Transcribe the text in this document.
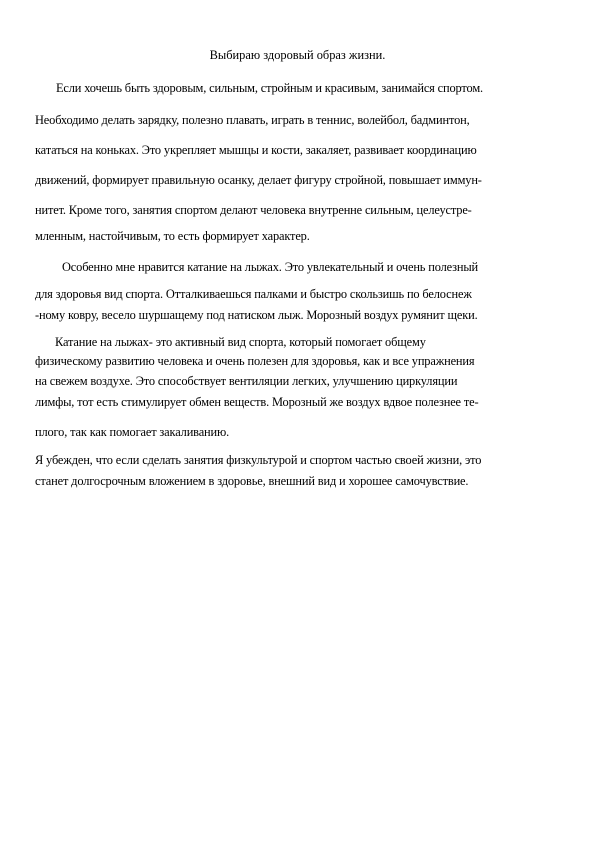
Выбираю здоровый образ жизни.
Если хочешь быть здоровым, сильным, стройным и красивым, занимайся спортом.
Необходимо делать зарядку, полезно плавать, играть в теннис, волейбол, бадминтон,
кататься на коньках. Это укрепляет мышцы и кости, закаляет, развивает координацию
движений, формирует правильную осанку, делает фигуру стройной, повышает иммун-
нитет. Кроме того, занятия спортом делают человека внутренне сильным, целеустре-
мленным, настойчивым, то есть формирует характер.
Особенно мне нравится катание на лыжах. Это увлекательный и очень полезный
для здоровья вид спорта. Отталкиваешься палками и быстро скользишь по белоснеж
-ному ковру, весело шуршащему под натиском лыж. Морозный воздух румянит щеки.
Катание на лыжах- это активный вид спорта, который помогает общему
физическому развитию человека и очень полезен для здоровья, как и все упражнения
на свежем воздухе. Это способствует вентиляции легких, улучшению циркуляции
лимфы, тот есть стимулирует обмен веществ. Морозный же воздух вдвое полезнее те-
плого, так как помогает закаливанию.
Я убежден, что если сделать занятия физкультурой и спортом частью своей жизни, это
станет долгосрочным вложением в здоровье, внешний вид и хорошее самочувствие.
